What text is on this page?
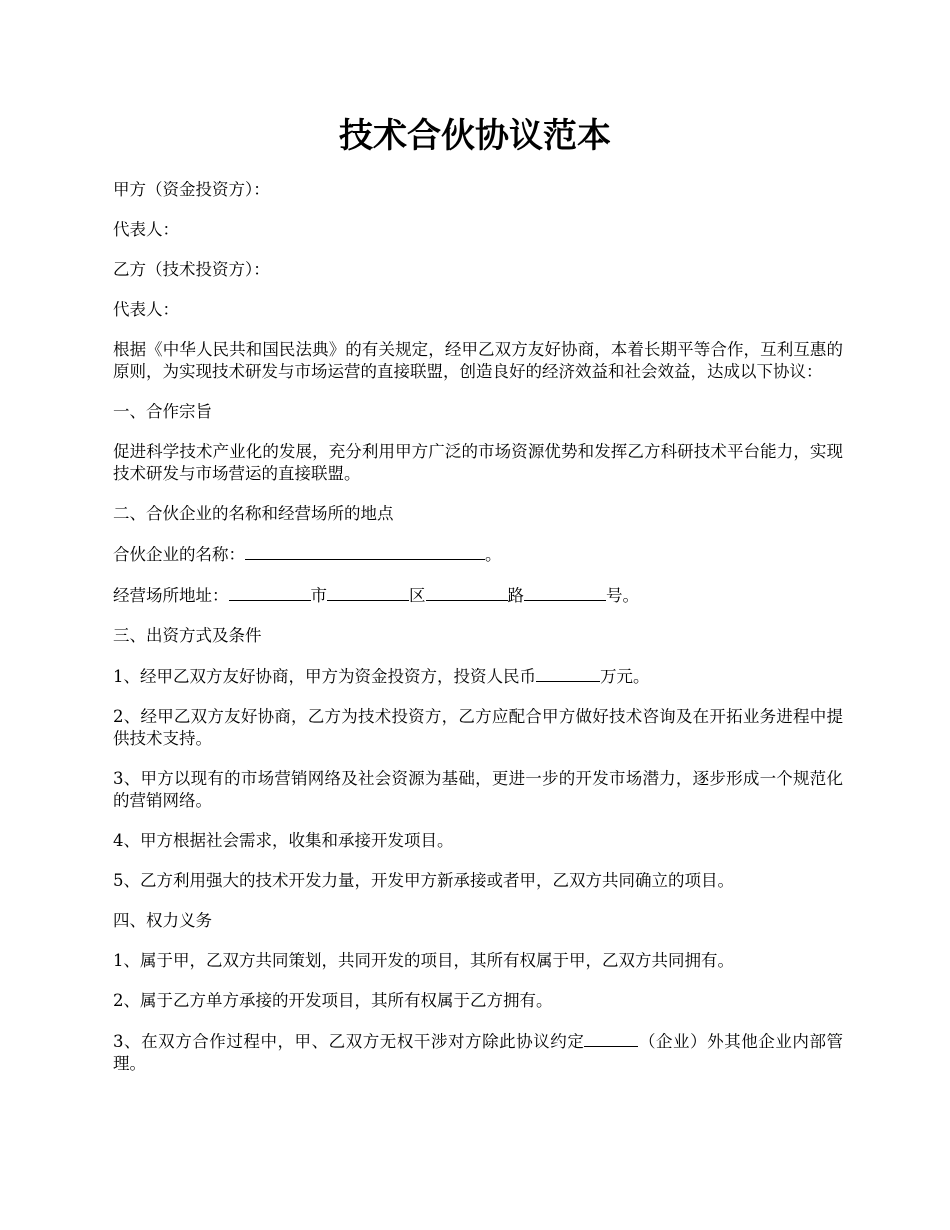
技术合伙协议范本

甲方（资金投资方）：

代表人：

乙方（技术投资方）：

代表人：

根据《中华人民共和国民法典》的有关规定，经甲乙双方友好协商，本着长期平等合作，互利互惠的原则，为实现技术研发与市场运营的直接联盟，创造良好的经济效益和社会效益，达成以下协议：

一、合作宗旨

促进科学技术产业化的发展，充分利用甲方广泛的市场资源优势和发挥乙方科研技术平台能力，实现技术研发与市场营运的直接联盟。

二、合伙企业的名称和经营场所的地点

合伙企业的名称：	。

经营场所地址：	市	区	路	号。

三、出资方式及条件

1、经甲乙双方友好协商，甲方为资金投资方，投资人民币	万元。

2、经甲乙双方友好协商，乙方为技术投资方，乙方应配合甲方做好技术咨询及在开拓业务进程中提供技术支持。

3、甲方以现有的市场营销网络及社会资源为基础，更进一步的开发市场潜力，逐步形成一个规范化的营销网络。

4、甲方根据社会需求，收集和承接开发项目。

5、乙方利用强大的技术开发力量，开发甲方新承接或者甲，乙双方共同确立的项目。

四、权力义务

1、属于甲，乙双方共同策划，共同开发的项目，其所有权属于甲，乙双方共同拥有。

2、属于乙方单方承接的开发项目，其所有权属于乙方拥有。

3、在双方合作过程中，甲、乙双方无权干涉对方除此协议约定	（企业）外其他企业内部管理。
